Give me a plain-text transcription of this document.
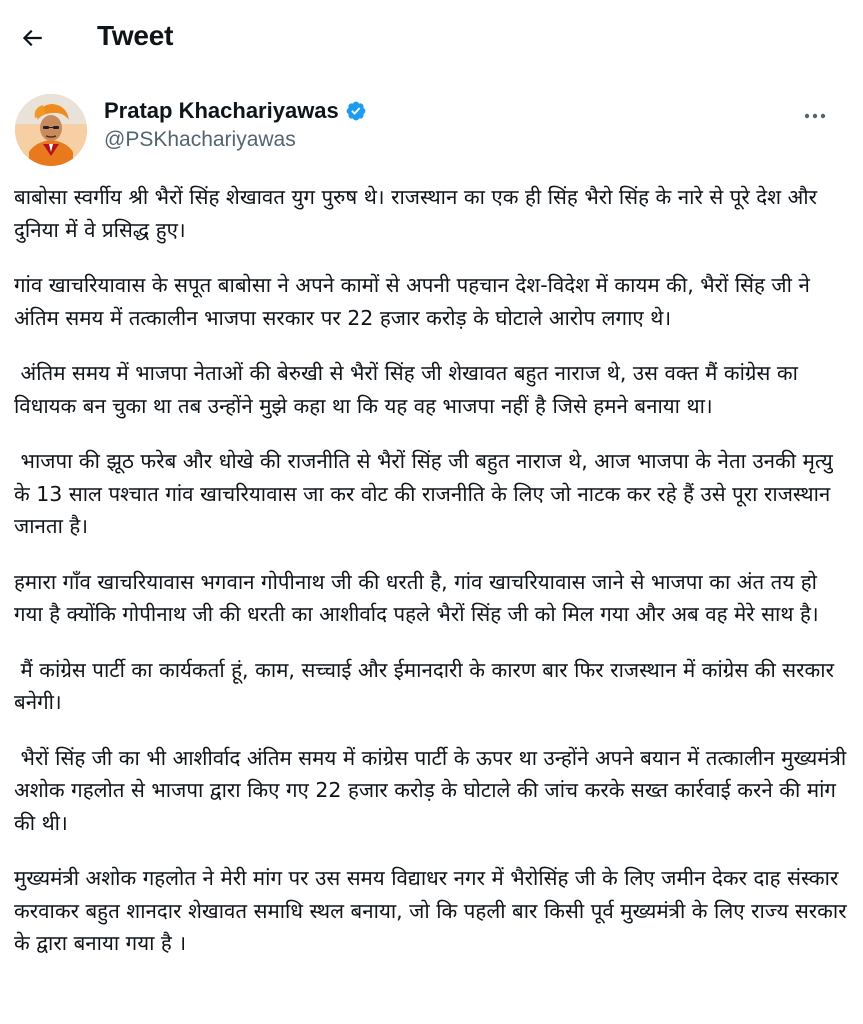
Tweet
Pratap Khachariyawas
@PSKhachariyawas

बाबोसा स्वर्गीय श्री भैरों सिंह शेखावत युग पुरुष थे। राजस्थान का एक ही सिंह भैरो सिंह के नारे से पूरे देश और दुनिया में वे प्रसिद्ध हुए।

गांव खाचरियावास के सपूत बाबोसा ने अपने कामों से अपनी पहचान देश-विदेश में कायम की, भैरों सिंह जी ने अंतिम समय में तत्कालीन भाजपा सरकार पर 22 हजार करोड़ के घोटाले आरोप लगाए थे।

अंतिम समय में भाजपा नेताओं की बेरुखी से भैरों सिंह जी शेखावत बहुत नाराज थे, उस वक्त मैं कांग्रेस का विधायक बन चुका था तब उन्होंने मुझे कहा था कि यह वह भाजपा नहीं है जिसे हमने बनाया था।

भाजपा की झूठ फरेब और धोखे की राजनीति से भैरों सिंह जी बहुत नाराज थे, आज भाजपा के नेता उनकी मृत्यु के 13 साल पश्चात गांव खाचरियावास जा कर वोट की राजनीति के लिए जो नाटक कर रहे हैं उसे पूरा राजस्थान जानता है।

हमारा गाँव खाचरियावास भगवान गोपीनाथ जी की धरती है, गांव खाचरियावास जाने से भाजपा का अंत तय हो गया है क्योंकि गोपीनाथ जी की धरती का आशीर्वाद पहले भैरों सिंह जी को मिल गया और अब वह मेरे साथ है।

मैं कांग्रेस पार्टी का कार्यकर्ता हूं, काम, सच्चाई और ईमानदारी के कारण बार फिर राजस्थान में कांग्रेस की सरकार बनेगी।

भैरों सिंह जी का भी आशीर्वाद अंतिम समय में कांग्रेस पार्टी के ऊपर था उन्होंने अपने बयान में तत्कालीन मुख्यमंत्री अशोक गहलोत से भाजपा द्वारा किए गए 22 हजार करोड़ के घोटाले की जांच करके सख्त कार्रवाई करने की मांग की थी।

मुख्यमंत्री अशोक गहलोत ने मेरी मांग पर उस समय विद्याधर नगर में भैरोसिंह जी के लिए जमीन देकर दाह संस्कार करवाकर बहुत शानदार शेखावत समाधि स्थल बनाया, जो कि पहली बार किसी पूर्व मुख्यमंत्री के लिए राज्य सरकार के द्वारा बनाया गया है ।
